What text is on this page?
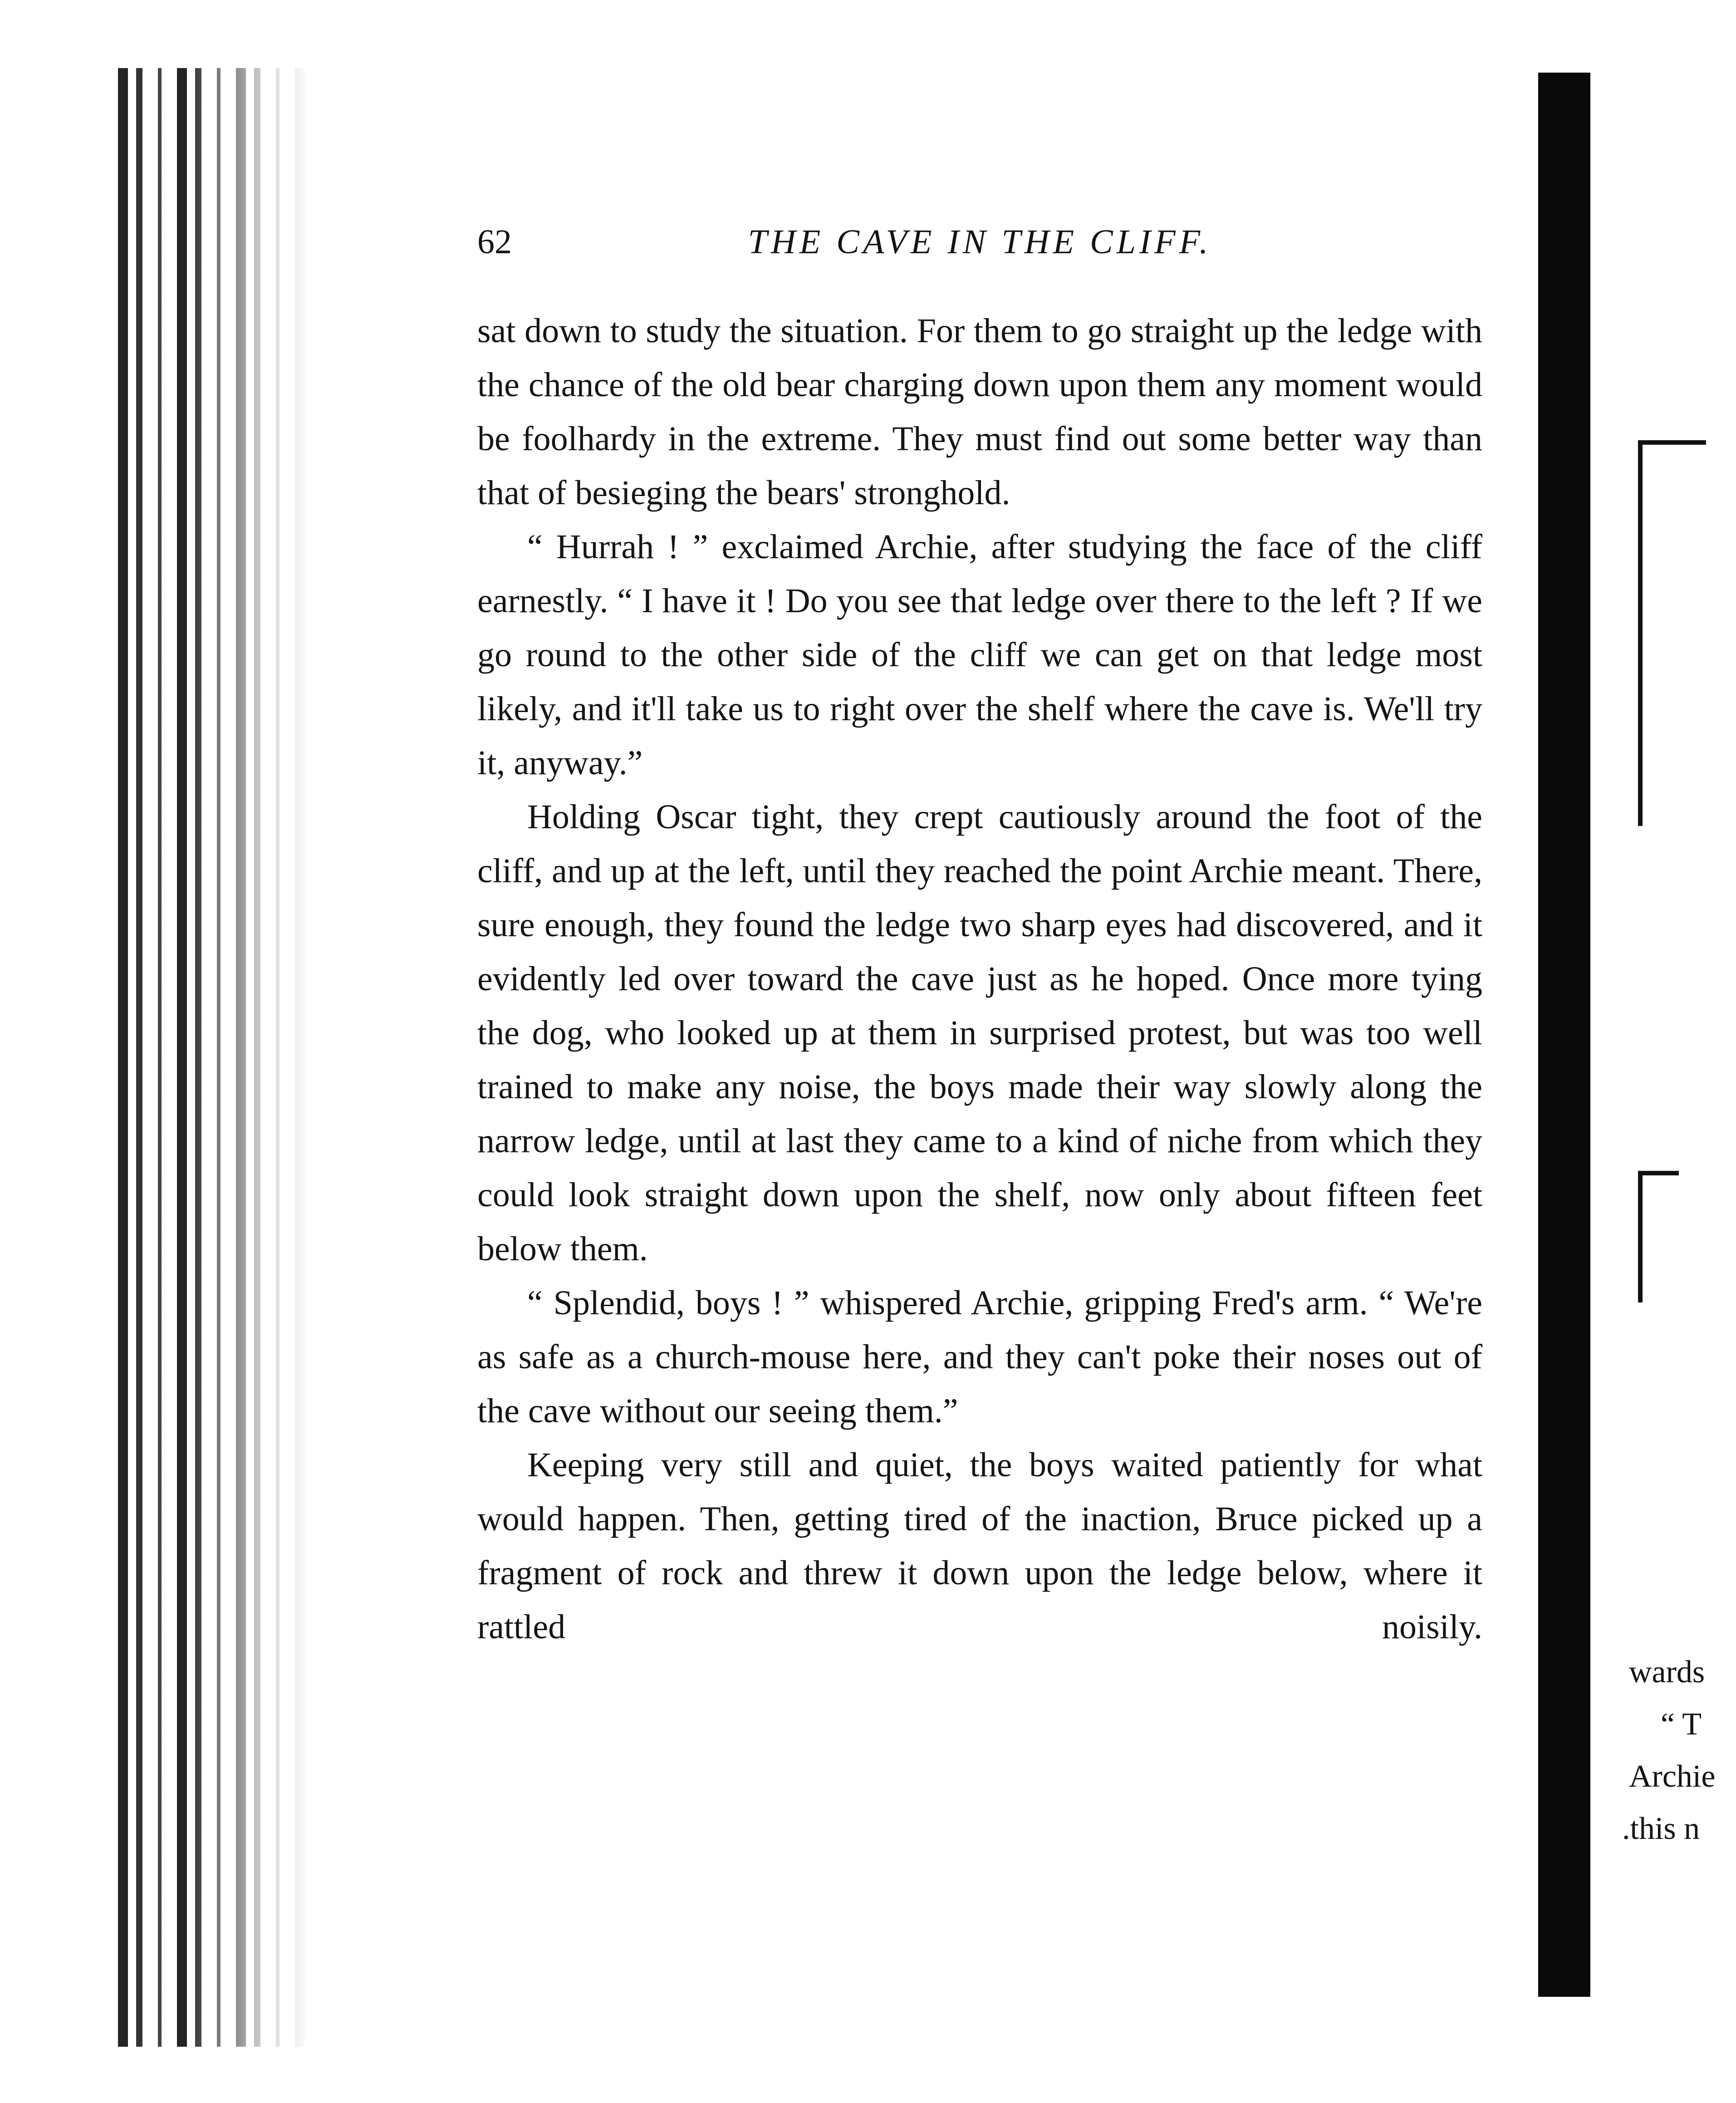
wards
“ T
Archie
.this n
62	THE CAVE IN THE CLIFF.

sat down to study the situation. For them to go straight up the ledge with the chance of the old bear charging down upon them any moment would be foolhardy in the extreme. They must find out some better way than that of besieging the bears' stronghold.

“ Hurrah ! ” exclaimed Archie, after studying the face of the cliff earnestly. “ I have it ! Do you see that ledge over there to the left ? If we go round to the other side of the cliff we can get on that ledge most likely, and it'll take us to right over the shelf where the cave is. We'll try it, anyway.”

Holding Oscar tight, they crept cautiously around the foot of the cliff, and up at the left, until they reached the point Archie meant. There, sure enough, they found the ledge two sharp eyes had discovered, and it evidently led over toward the cave just as he hoped. Once more tying the dog, who looked up at them in surprised protest, but was too well trained to make any noise, the boys made their way slowly along the narrow ledge, until at last they came to a kind of niche from which they could look straight down upon the shelf, now only about fifteen feet below them.

“ Splendid, boys ! ” whispered Archie, gripping Fred's arm. “ We're as safe as a church-mouse here, and they can't poke their noses out of the cave without our seeing them.”

Keeping very still and quiet, the boys waited patiently for what would happen. Then, getting tired of the inaction, Bruce picked up a fragment of rock and threw it down upon the ledge below, where it rattled noisily.
